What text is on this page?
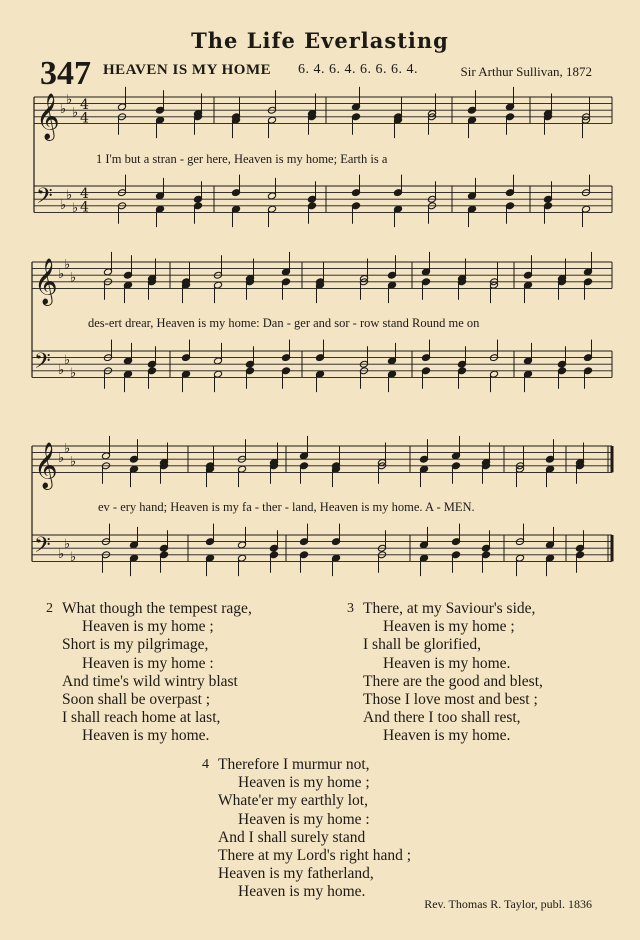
The Life Everlasting
347 HEAVEN IS MY HOME 6. 4. 6. 4. 6. 6. 6. 4.	Sir Arthur Sullivan, 1872
𝄞
𝄢
♭
♭
♭
♭
♭
♭
4
4
4
4
𝄞
𝄢
♭
♭
♭
♭
♭
♭
𝄞
𝄢
♭
♭
♭
♭
♭
♭
1 I'm but a stran - ger here, Heaven is my home; Earth is a
des-ert drear, Heaven is my home: Dan - ger and sor - row stand Round me on
ev - ery hand; Heaven is my fa - ther - land, Heaven is my home. A - MEN.
2 What though the tempest rage,
Heaven is my home ;
Short is my pilgrimage,
Heaven is my home :
And time's wild wintry blast
Soon shall be overpast ;
I shall reach home at last,
Heaven is my home.
3 There, at my Saviour's side,
Heaven is my home ;
I shall be glorified,
Heaven is my home.
There are the good and blest,
Those I love most and best ;
And there I too shall rest,
Heaven is my home.
4 Therefore I murmur not,
Heaven is my home ;
Whate'er my earthly lot,
Heaven is my home :
And I shall surely stand
There at my Lord's right hand ;
Heaven is my fatherland,
Heaven is my home.
Rev. Thomas R. Taylor, publ. 1836
